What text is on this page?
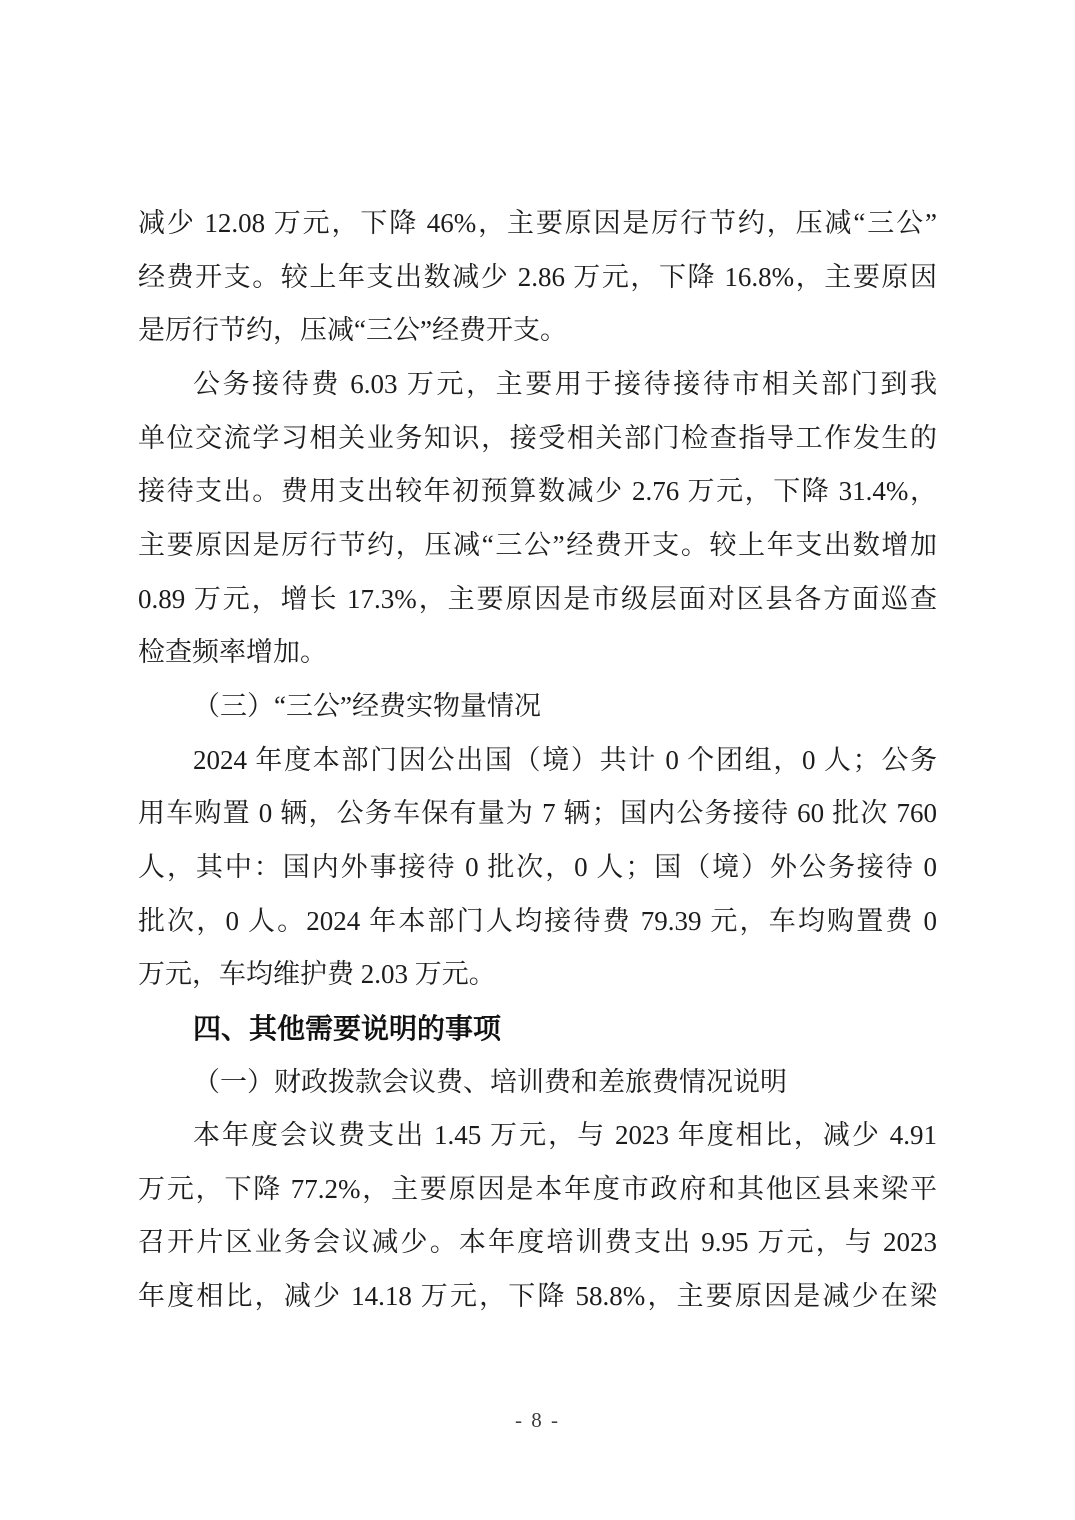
减少 12.08 万元，下降 46%，主要原因是厉行节约，压减“三公”
经费开支。较上年支出数减少 2.86 万元，下降 16.8%，主要原因
是厉行节约，压减“三公”经费开支。
公务接待费 6.03 万元，主要用于接待接待市相关部门到我
单位交流学习相关业务知识，接受相关部门检查指导工作发生的
接待支出。费用支出较年初预算数减少 2.76 万元，下降 31.4%，
主要原因是厉行节约，压减“三公”经费开支。较上年支出数增加
0.89 万元，增长 17.3%，主要原因是市级层面对区县各方面巡查
检查频率增加。
（三）“三公”经费实物量情况
2024 年度本部门因公出国（境）共计 0 个团组，0 人；公务
用车购置 0 辆，公务车保有量为 7 辆；国内公务接待 60 批次 760
人，其中：国内外事接待 0 批次，0 人；国（境）外公务接待 0
批次，0 人。2024 年本部门人均接待费 79.39 元，车均购置费 0
万元，车均维护费 2.03 万元。
四、其他需要说明的事项
（一）财政拨款会议费、培训费和差旅费情况说明
本年度会议费支出 1.45 万元，与 2023 年度相比，减少 4.91
万元，下降 77.2%，主要原因是本年度市政府和其他区县来梁平
召开片区业务会议减少。本年度培训费支出 9.95 万元，与 2023
年度相比，减少 14.18 万元，下降 58.8%，主要原因是减少在梁
- 8 -
